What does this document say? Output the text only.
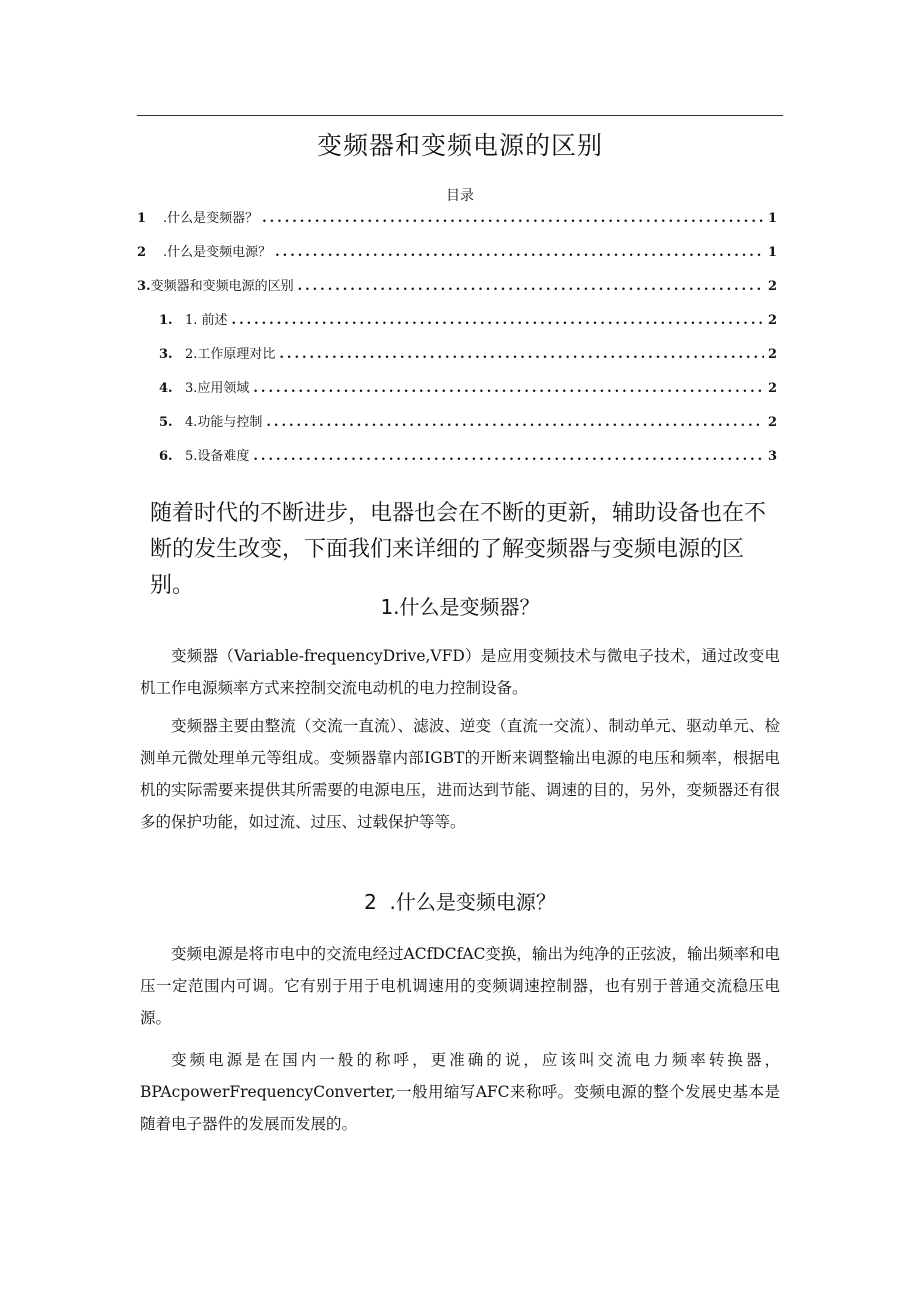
变频器和变频电源的区别
目录
1 .什么是变频器？ .....	1
2 .什么是变频电源？ .....	1
3.变频器和变频电源的区别 .....	2
1. 1. 前述 .....	2
3. 2.工作原理对比 .....	2
4. 3.应用领域 .....	2
5. 4.功能与控制 .....	2
6. 5.设备难度 .....	3
随着时代的不断进步，电器也会在不断的更新，辅助设备也在不断的发生改变，下面我们来详细的了解变频器与变频电源的区别。
1.什么是变频器？

变频器（Variable-frequencyDrive,VFD）是应用变频技术与微电子技术，通过改变电机工作电源频率方式来控制交流电动机的电力控制设备。

变频器主要由整流（交流一直流）、滤波、逆变（直流一交流）、制动单元、驱动单元、检测单元微处理单元等组成。变频器靠内部IGBT的开断来调整输出电源的电压和频率，根据电机的实际需要来提供其所需要的电源电压，进而达到节能、调速的目的，另外，变频器还有很多的保护功能，如过流、过压、过载保护等等。

2  .什么是变频电源？

变频电源是将市电中的交流电经过ACfDCfAC变换，输出为纯净的正弦波，输出频率和电压一定范围内可调。它有别于用于电机调速用的变频调速控制器，也有别于普通交流稳压电源。

变频电源是在国内一般的称呼，更准确的说，应该叫交流电力频率转换器，BPAcpowerFrequencyConverter,一般用缩写AFC来称呼。变频电源的整个发展史基本是随着电子器件的发展而发展的。
